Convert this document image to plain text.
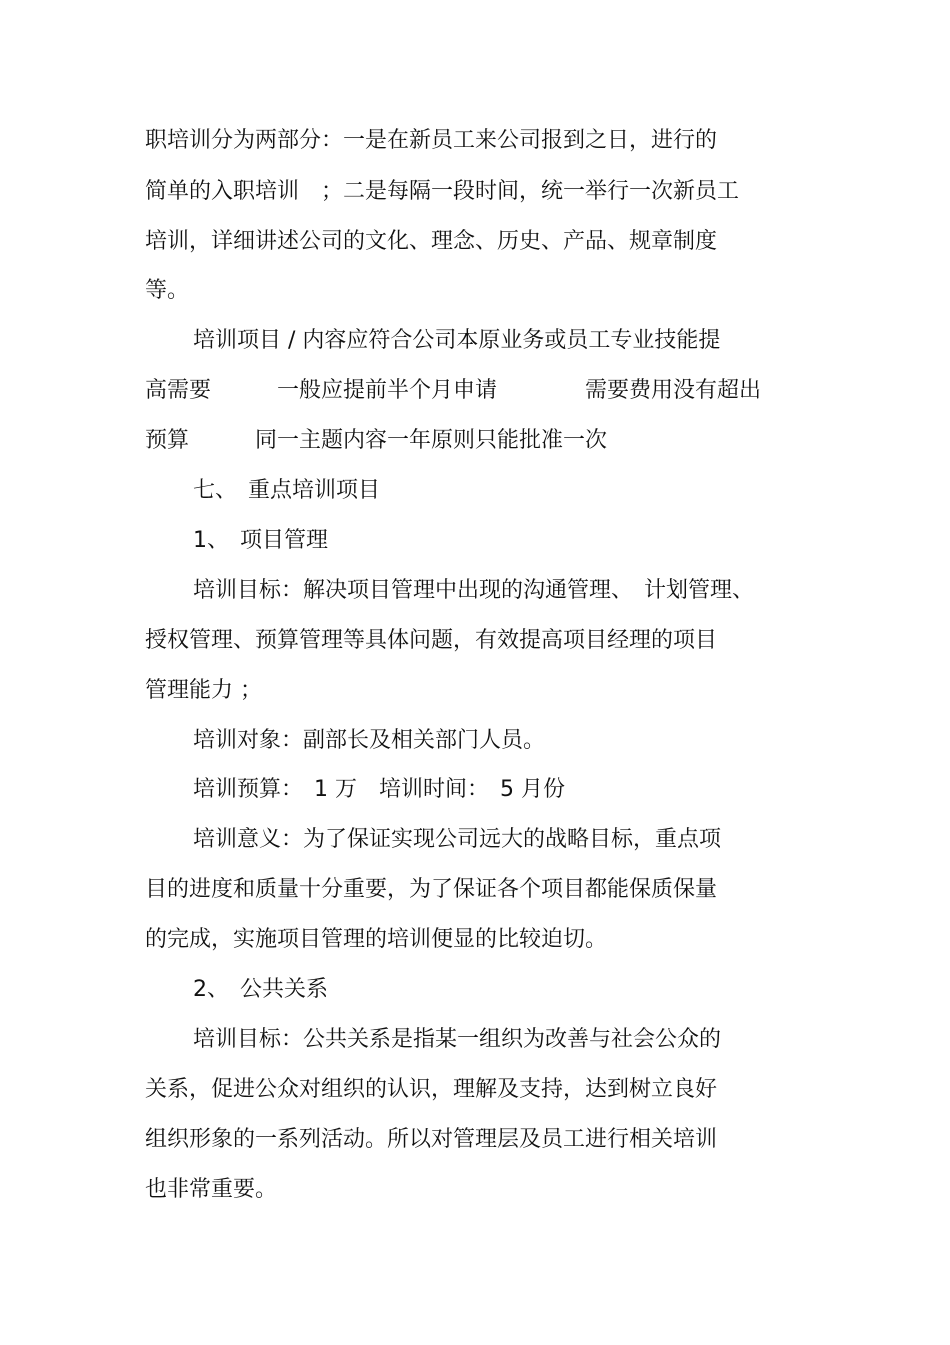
职培训分为两部分：一是在新员工来公司报到之日，进行的
简单的入职培训　；二是每隔一段时间，统一举行一次新员工
培训，详细讲述公司的文化、理念、历史、产品、规章制度
等。
培训项目 / 内容应符合公司本原业务或员工专业技能提
高需要　　　一般应提前半个月申请　　　　需要费用没有超出
预算　　　同一主题内容一年原则只能批准一次
七、　重点培训项目
1、　项目管理
培训目标：解决项目管理中出现的沟通管理、　计划管理、
授权管理、预算管理等具体问题，有效提高项目经理的项目
管理能力 ；
培训对象：副部长及相关部门人员。
培训预算：　1 万　培训时间：　5 月份
培训意义：为了保证实现公司远大的战略目标，重点项
目的进度和质量十分重要，为了保证各个项目都能保质保量
的完成，实施项目管理的培训便显的比较迫切。
2、　公共关系
培训目标：公共关系是指某一组织为改善与社会公众的
关系，促进公众对组织的认识，理解及支持，达到树立良好
组织形象的一系列活动。所以对管理层及员工进行相关培训
也非常重要。
